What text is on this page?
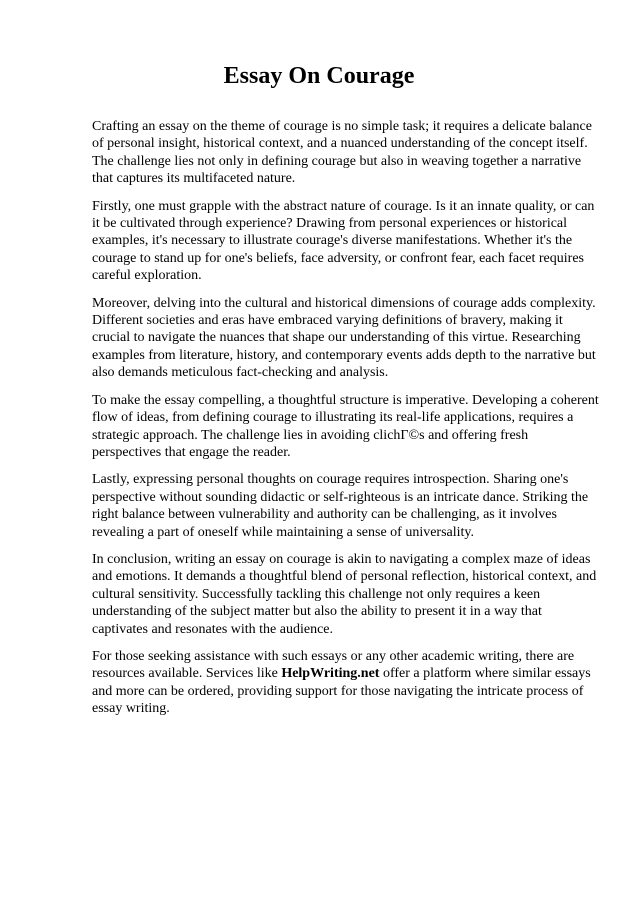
Essay On Courage

Crafting an essay on the theme of courage is no simple task; it requires a delicate balance of personal insight, historical context, and a nuanced understanding of the concept itself. The challenge lies not only in defining courage but also in weaving together a narrative that captures its multifaceted nature.

Firstly, one must grapple with the abstract nature of courage. Is it an innate quality, or can it be cultivated through experience? Drawing from personal experiences or historical examples, it's necessary to illustrate courage's diverse manifestations. Whether it's the courage to stand up for one's beliefs, face adversity, or confront fear, each facet requires careful exploration.

Moreover, delving into the cultural and historical dimensions of courage adds complexity. Different societies and eras have embraced varying definitions of bravery, making it crucial to navigate the nuances that shape our understanding of this virtue. Researching examples from literature, history, and contemporary events adds depth to the narrative but also demands meticulous fact-checking and analysis.

To make the essay compelling, a thoughtful structure is imperative. Developing a coherent flow of ideas, from defining courage to illustrating its real-life applications, requires a strategic approach. The challenge lies in avoiding clichГ©s and offering fresh perspectives that engage the reader.

Lastly, expressing personal thoughts on courage requires introspection. Sharing one's perspective without sounding didactic or self-righteous is an intricate dance. Striking the right balance between vulnerability and authority can be challenging, as it involves revealing a part of oneself while maintaining a sense of universality.

In conclusion, writing an essay on courage is akin to navigating a complex maze of ideas and emotions. It demands a thoughtful blend of personal reflection, historical context, and cultural sensitivity. Successfully tackling this challenge not only requires a keen understanding of the subject matter but also the ability to present it in a way that captivates and resonates with the audience.

For those seeking assistance with such essays or any other academic writing, there are resources available. Services like HelpWriting.net offer a platform where similar essays and more can be ordered, providing support for those navigating the intricate process of essay writing.
